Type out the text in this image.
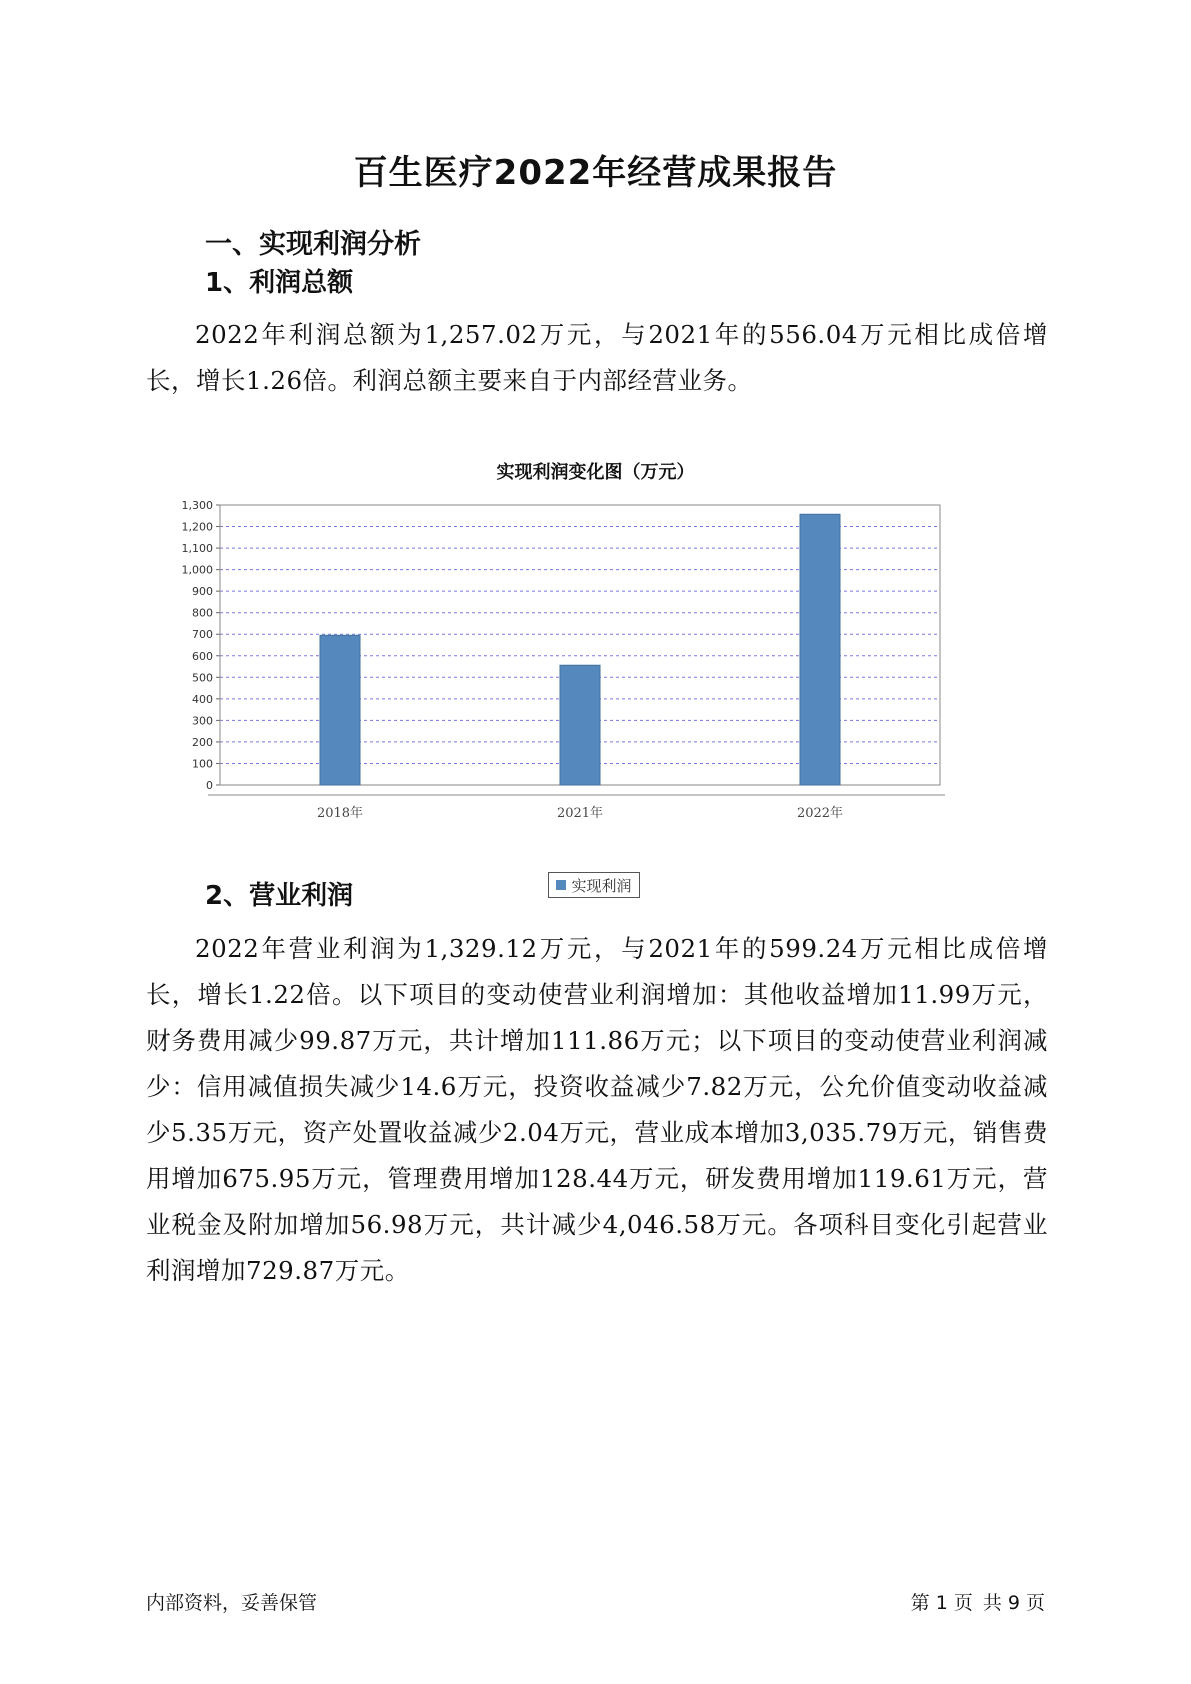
百生医疗2022年经营成果报告
一、实现利润分析
1、利润总额

2022年利润总额为1,257.02万元，与2021年的556.04万元相比成倍增长，增长1.26倍。利润总额主要来自于内部经营业务。

实现利润变化图（万元）
0
100
200
300
400
500
600
700
800
900
1,000
1,100
1,200
1,300
2018年	2021年	2022年
实现利润
2、营业利润

2022年营业利润为1,329.12万元，与2021年的599.24万元相比成倍增长，增长1.22倍。以下项目的变动使营业利润增加：其他收益增加11.99万元，财务费用减少99.87万元，共计增加111.86万元；以下项目的变动使营业利润减少：信用减值损失减少14.6万元，投资收益减少7.82万元，公允价值变动收益减少5.35万元，资产处置收益减少2.04万元，营业成本增加3,035.79万元，销售费用增加675.95万元，管理费用增加128.44万元，研发费用增加119.61万元，营业税金及附加增加56.98万元，共计减少4,046.58万元。各项科目变化引起营业利润增加729.87万元。

内部资料，妥善保管	第 1 页 共 9 页
